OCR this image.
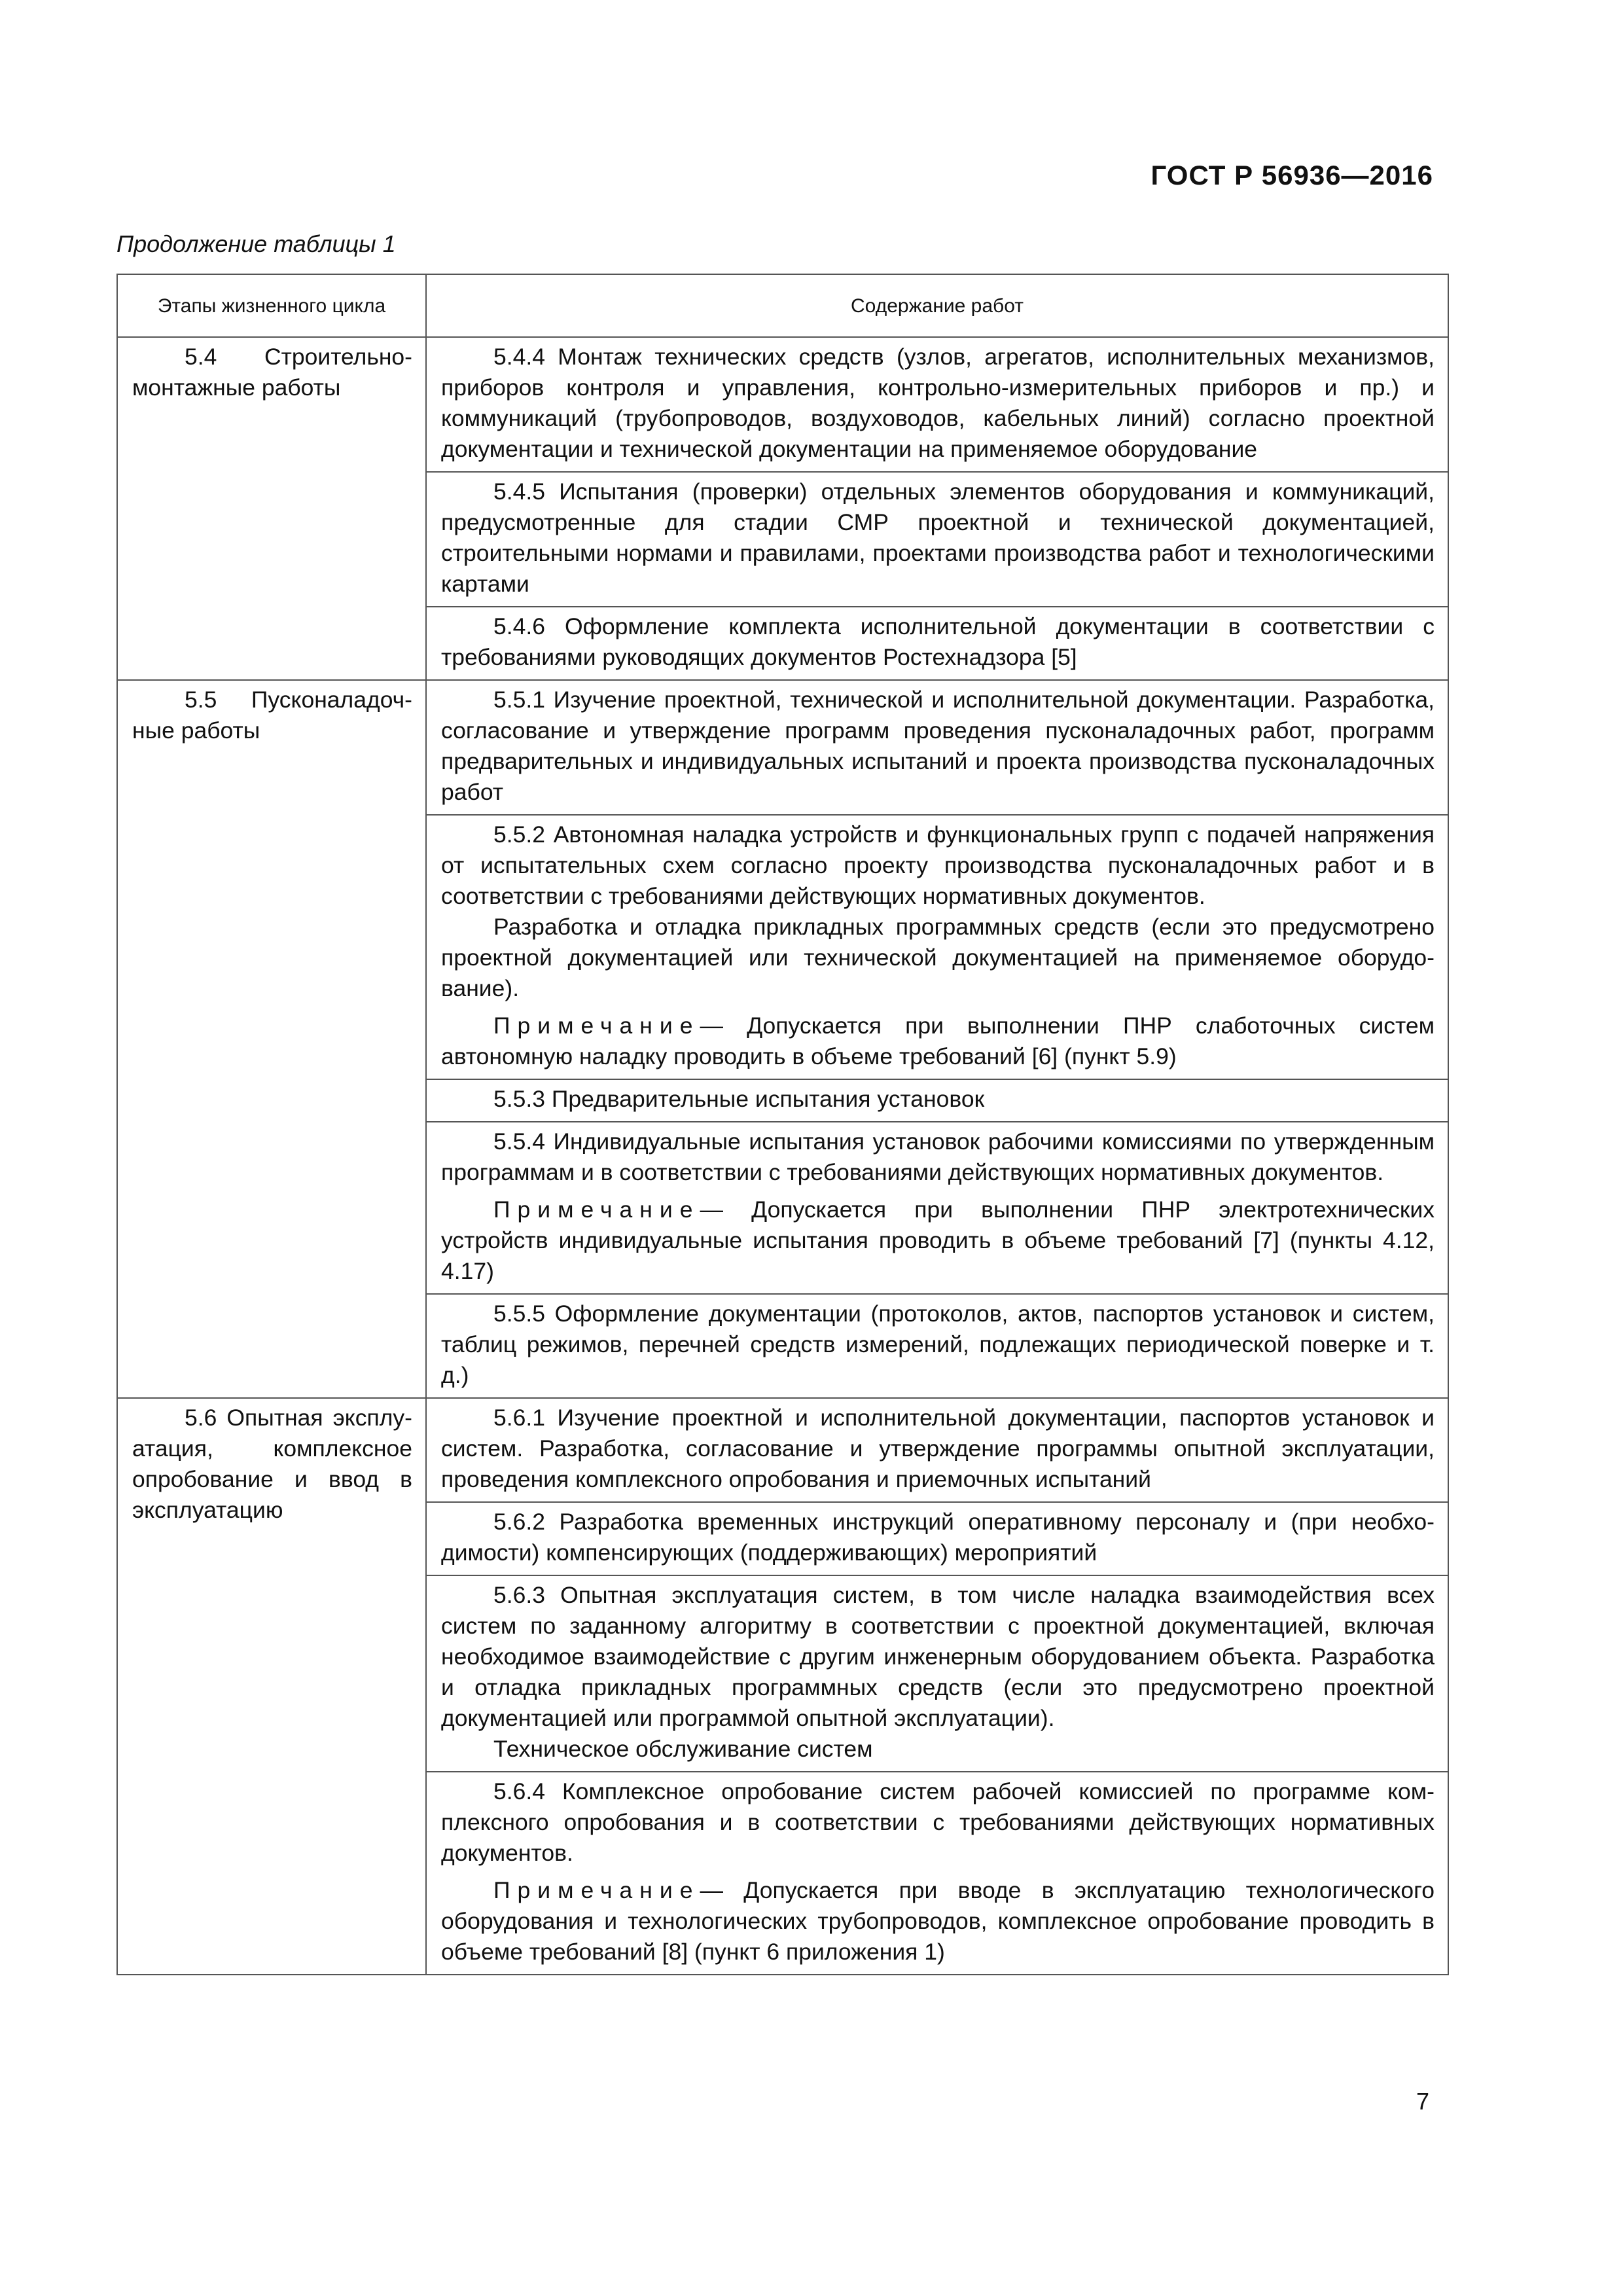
ГОСТ Р 56936—2016
Продолжение таблицы 1
Этапы жизненного цикла	Содержание работ

5.4 Строительно-монтажные работы	5.4.4 Монтаж технических средств (узлов, агрегатов, исполнительных механизмов, приборов контроля и управления, контрольно-измерительных приборов и пр.) и коммуникаций (трубопроводов, воздуховодов, кабельных линий) согласно проектной документации и технической документации на применяемое оборудование

	5.4.5 Испытания (проверки) отдельных элементов оборудования и коммуникаций, предусмотренные для стадии СМР проектной и технической документацией, строительными нормами и правилами, проектами производства работ и технологическими картами

	5.4.6 Оформление комплекта исполнительной документации в соответствии с требованиями руководящих документов Ростехнадзора [5]

5.5 Пусконаладочные работы	5.5.1 Изучение проектной, технической и исполнительной документации. Разработка, согласование и утверждение программ проведения пусконаладочных работ, программ предварительных и индивидуальных испытаний и проекта производства пусконаладочных работ

	5.5.2 Автономная наладка устройств и функциональных групп с подачей напряжения от испытательных схем согласно проекту производства пусконаладочных работ и в соответствии с требованиями действующих нормативных документов.

Разработка и отладка прикладных программных средств (если это предусмотрено проектной документацией или технической документацией на применяемое оборудование).

Примечание— Допускается при выполнении ПНР слаботочных систем автономную наладку проводить в объеме требований [6] (пункт 5.9)

	5.5.3 Предварительные испытания установок

	5.5.4 Индивидуальные испытания установок рабочими комиссиями по утвержденным программам и в соответствии с требованиями действующих нормативных документов.

Примечание— Допускается при выполнении ПНР электротехнических устройств индивидуальные испытания проводить в объеме требований [7] (пункты 4.12, 4.17)

	5.5.5 Оформление документации (протоколов, актов, паспортов установок и систем, таблиц режимов, перечней средств измерений, подлежащих периодической поверке и т. д.)

5.6 Опытная эксплуатация, комплексное опробование и ввод в эксплуатацию	5.6.1 Изучение проектной и исполнительной документации, паспортов установок и систем. Разработка, согласование и утверждение программы опытной эксплуатации, проведения комплексного опробования и приемочных испытаний

	5.6.2 Разработка временных инструкций оперативному персоналу и (при необходимости) компенсирующих (поддерживающих) мероприятий

	5.6.3 Опытная эксплуатация систем, в том числе наладка взаимодействия всех систем по заданному алгоритму в соответствии с проектной документацией, включая необходимое взаимодействие с другим инженерным оборудованием объекта. Разработка и отладка прикладных программных средств (если это предусмотрено проектной документацией или программой опытной эксплуатации).

Техническое обслуживание систем

	5.6.4 Комплексное опробование систем рабочей комиссией по программе комплексного опробования и в соответствии с требованиями действующих нормативных документов.

Примечание— Допускается при вводе в эксплуатацию технологического оборудования и технологических трубопроводов, комплексное опробование проводить в объеме требований [8] (пункт 6 приложения 1)

7
